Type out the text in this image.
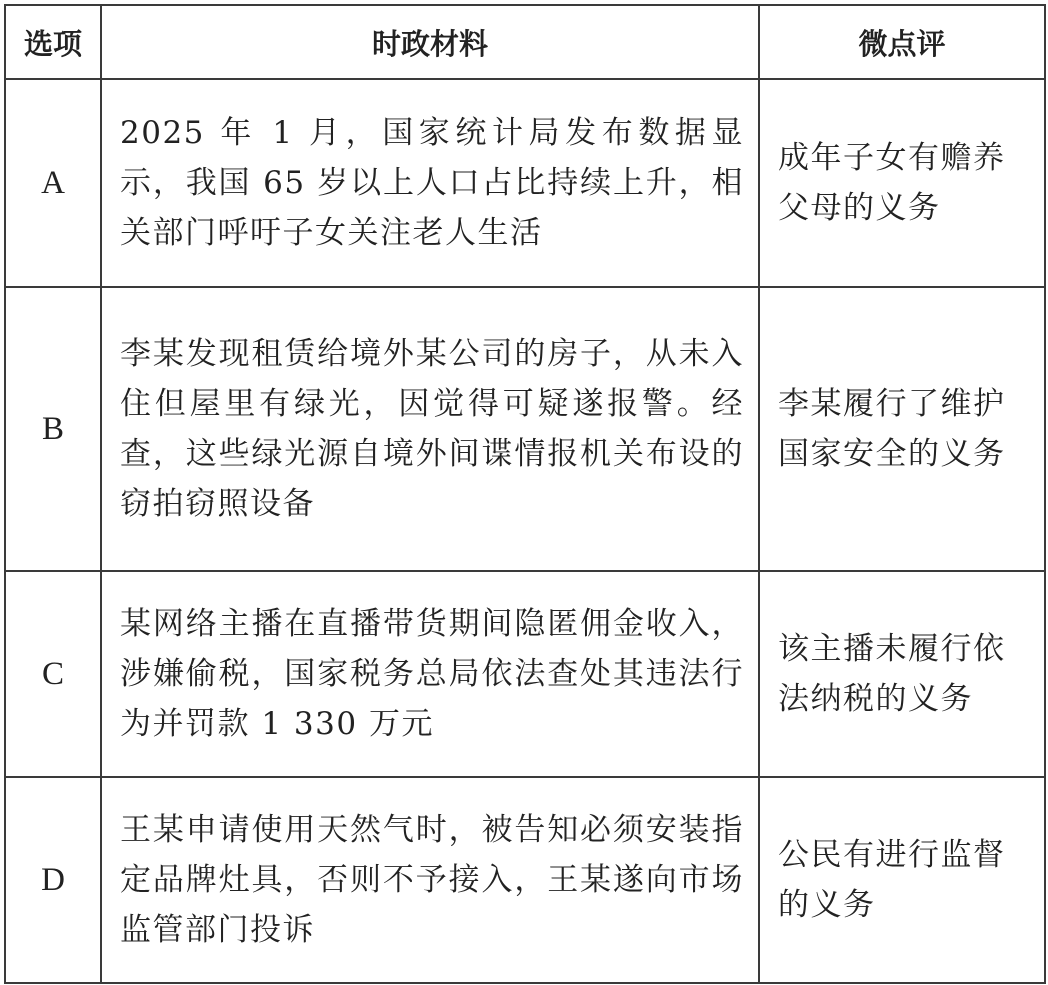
选项	时政材料	微点评
A	2025 年 1 月，国家统计局发布数据显示，我国 65 岁以上人口占比持续上升，相关部门呼吁子女关注老人生活	成年子女有赡养父母的义务
B	李某发现租赁给境外某公司的房子，从未入住但屋里有绿光，因觉得可疑遂报警。经查，这些绿光源自境外间谍情报机关布设的窃拍窃照设备	李某履行了维护国家安全的义务
C	某网络主播在直播带货期间隐匿佣金收入，涉嫌偷税，国家税务总局依法查处其违法行为并罚款 1 330 万元	该主播未履行依法纳税的义务
D	王某申请使用天然气时，被告知必须安装指定品牌灶具，否则不予接入，王某遂向市场监管部门投诉	公民有进行监督的义务
